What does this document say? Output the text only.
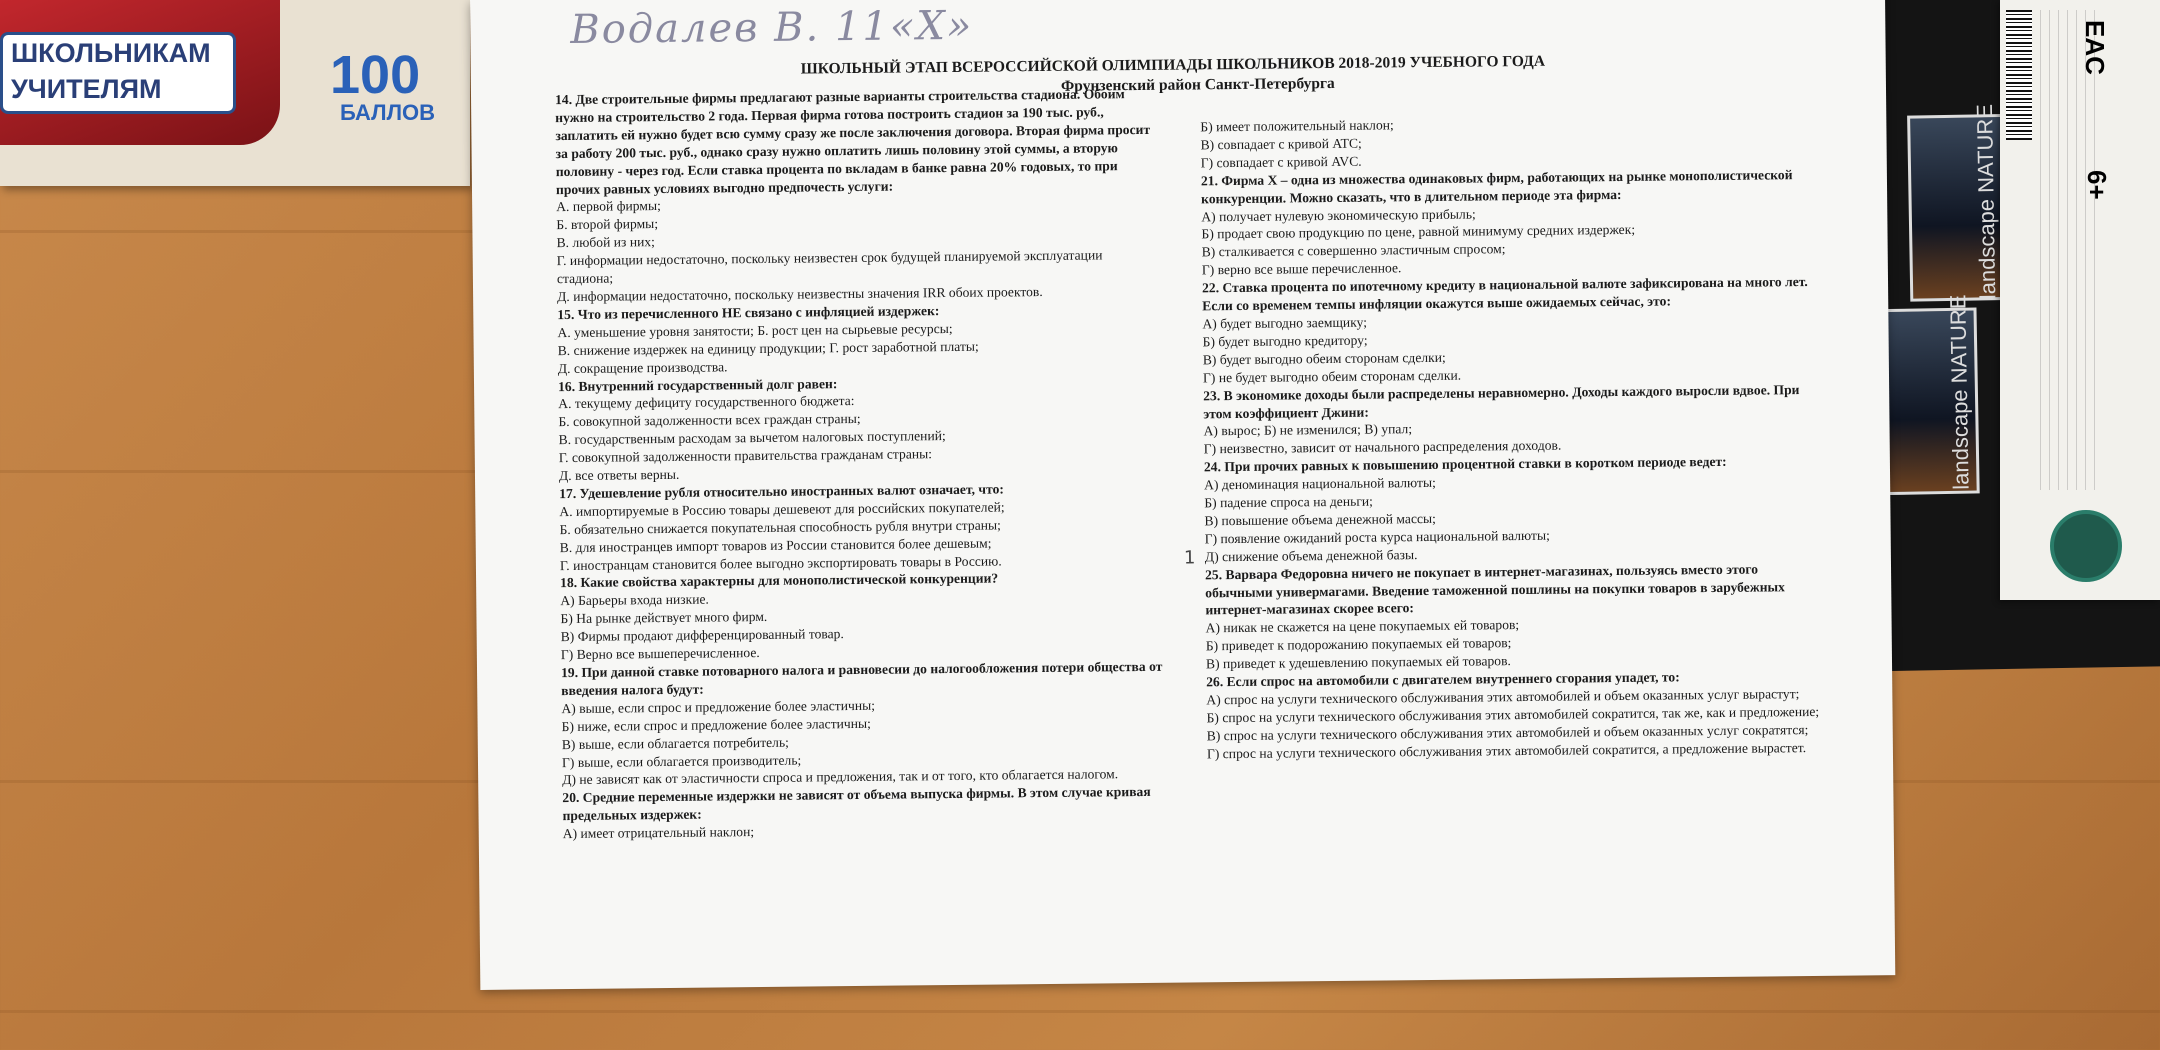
ШКОЛЬНИКАМ
УЧИТЕЛЯМ	100
БАЛЛОВ	landscape NATURE
landscape NATURE
EAC
6+
Водалев В. 11«Х»
ШКОЛЬНЫЙ ЭТАП ВСЕРОССИЙСКОЙ ОЛИМПИАДЫ ШКОЛЬНИКОВ 2018-2019 УЧЕБНОГО ГОДА
Фрунзенский район Санкт-Петербурга
14. Две строительные фирмы предлагают разные варианты строительства стадиона. Обоим нужно на строительство 2 года. Первая фирма готова построить стадион за 190 тыс. руб., заплатить ей нужно будет всю сумму сразу же после заключения договора. Вторая фирма просит за работу 200 тыс. руб., однако сразу нужно оплатить лишь половину этой суммы, а вторую половину - через год. Если ставка процента по вкладам в банке равна 20% годовых, то при прочих равных условиях выгодно предпочесть услуги:
А. первой фирмы;
Б. второй фирмы;
В. любой из них;
Г. информации недостаточно, поскольку неизвестен срок будущей планируемой эксплуатации стадиона;
Д. информации недостаточно, поскольку неизвестны значения IRR обоих проектов.
15. Что из перечисленного НЕ связано с инфляцией издержек:
А. уменьшение уровня занятости; Б. рост цен на сырьевые ресурсы;
В. снижение издержек на единицу продукции; Г. рост заработной платы;
Д. сокращение производства.
16. Внутренний государственный долг равен:
А. текущему дефициту государственного бюджета:
Б. совокупной задолженности всех граждан страны;
В. государственным расходам за вычетом налоговых поступлений;
Г. совокупной задолженности правительства гражданам страны:
Д. все ответы верны.
17. Удешевление рубля относительно иностранных валют означает, что:
А. импортируемые в Россию товары дешевеют для российских покупателей;
Б. обязательно снижается покупательная способность рубля внутри страны;
В. для иностранцев импорт товаров из России становится более дешевым;
Г. иностранцам становится более выгодно экспортировать товары в Россию.
18. Какие свойства характерны для монополистической конкуренции?
А) Барьеры входа низкие.
Б) На рынке действует много фирм.
В) Фирмы продают дифференцированный товар.
Г) Верно все вышеперечисленное.
19. При данной ставке потоварного налога и равновесии до налогообложения потери общества от введения налога будут:
А) выше, если спрос и предложение более эластичны;
Б) ниже, если спрос и предложение более эластичны;
В) выше, если облагается потребитель;
Г) выше, если облагается производитель;
Д) не зависят как от эластичности спроса и предложения, так и от того, кто облагается налогом.
20. Средние переменные издержки не зависят от объема выпуска фирмы. В этом случае кривая предельных издержек:
А) имеет отрицательный наклон;
Б) имеет положительный наклон;
В) совпадает с кривой ATC;
Г) совпадает с кривой AVC.
21. Фирма Х – одна из множества одинаковых фирм, работающих на рынке монополистической конкуренции. Можно сказать, что в длительном периоде эта фирма:
А) получает нулевую экономическую прибыль;
Б) продает свою продукцию по цене, равной минимуму средних издержек;
В) сталкивается с совершенно эластичным спросом;
Г) верно все выше перечисленное.
22. Ставка процента по ипотечному кредиту в национальной валюте зафиксирована на много лет. Если со временем темпы инфляции окажутся выше ожидаемых сейчас, это:
А) будет выгодно заемщику;
Б) будет выгодно кредитору;
В) будет выгодно обеим сторонам сделки;
Г) не будет выгодно обеим сторонам сделки.
23. В экономике доходы были распределены неравномерно. Доходы каждого выросли вдвое. При этом коэффициент Джини:
А) вырос; Б) не изменился; В) упал;
Г) неизвестно, зависит от начального распределения доходов.
24. При прочих равных к повышению процентной ставки в коротком периоде ведет:
А) деноминация национальной валюты;
Б) падение спроса на деньги;
В) повышение объема денежной массы;
Г) появление ожиданий роста курса национальной валюты;
Д) снижение объема денежной базы.
25. Варвара Федоровна ничего не покупает в интернет-магазинах, пользуясь вместо этого обычными универмагами. Введение таможенной пошлины на покупки товаров в зарубежных интернет-магазинах скорее всего:
А) никак не скажется на цене покупаемых ей товаров;
Б) приведет к подорожанию покупаемых ей товаров;
В) приведет к удешевлению покупаемых ей товаров.
26. Если спрос на автомобили с двигателем внутреннего сгорания упадет, то:
А) спрос на услуги технического обслуживания этих автомобилей и объем оказанных услуг вырастут;
Б) спрос на услуги технического обслуживания этих автомобилей сократится, так же, как и предложение;
В) спрос на услуги технического обслуживания этих автомобилей и объем оказанных услуг сократятся;
Г) спрос на услуги технического обслуживания этих автомобилей сократится, а предложение вырастет.
1
